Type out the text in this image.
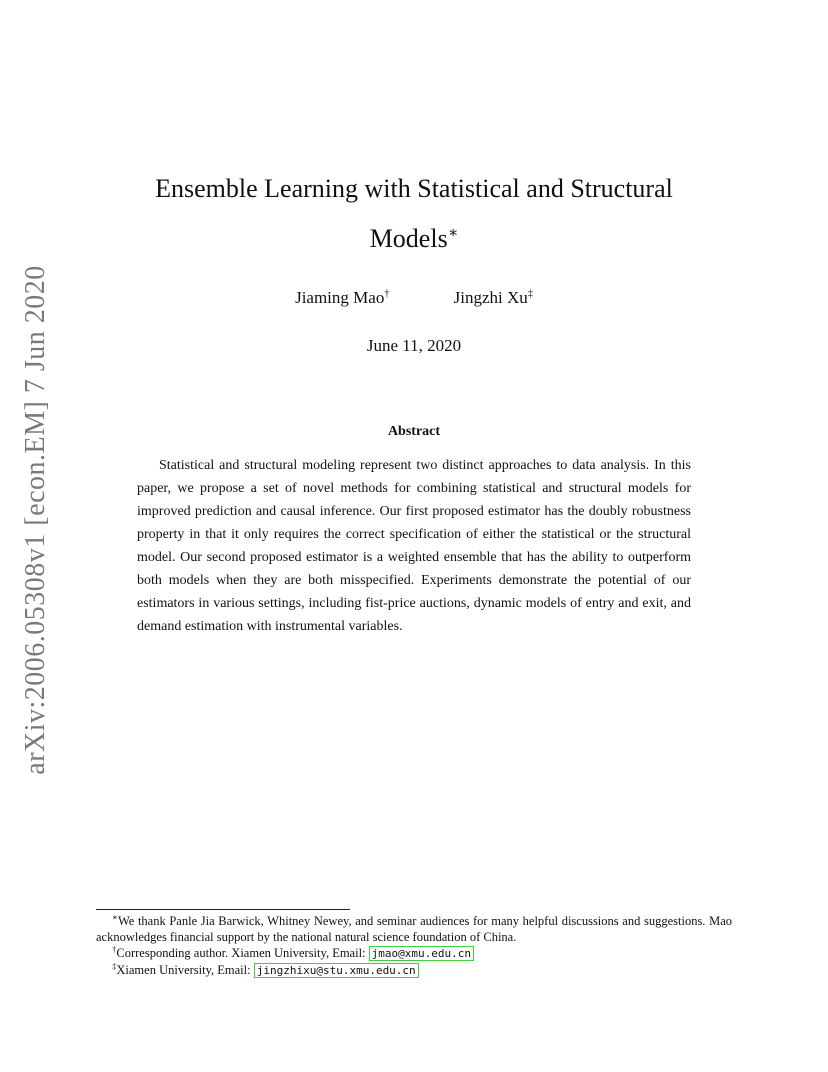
arXiv:2006.05308v1 [econ.EM] 7 Jun 2020
Ensemble Learning with Statistical and Structural
Models∗
Jiaming Mao†	Jingzhi Xu‡
June 11, 2020
Abstract

Statistical and structural modeling represent two distinct approaches to data analysis. In this paper, we propose a set of novel methods for combining statistical and structural models for improved prediction and causal inference. Our first proposed estimator has the doubly robustness property in that it only requires the correct specification of either the statistical or the structural model. Our second proposed estimator is a weighted ensemble that has the ability to outperform both models when they are both misspecified. Experiments demonstrate the potential of our estimators in various settings, including fist-price auctions, dynamic models of entry and exit, and demand estimation with instrumental variables.

∗We thank Panle Jia Barwick, Whitney Newey, and seminar audiences for many helpful discussions and suggestions. Mao acknowledges financial support by the national natural science foundation of China.

†Corresponding author. Xiamen University, Email: jmao@xmu.edu.cn

‡Xiamen University, Email: jingzhixu@stu.xmu.edu.cn
